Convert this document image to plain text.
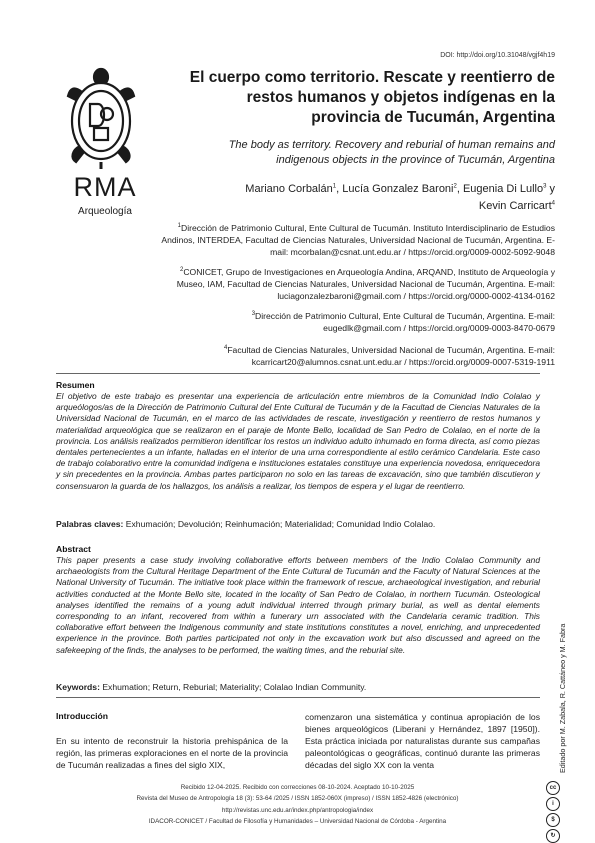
DOI: http://doi.org/10.31048/vgjf4h19
RMA
Arqueología
El cuerpo como territorio. Rescate y reentierro de restos humanos y objetos indígenas en la provincia de Tucumán, Argentina
The body as territory. Recovery and reburial of human remains and indigenous objects in the province of Tucumán, Argentina
Mariano Corbalán$^1$, Lucía Gonzalez Baroni$^2$, Eugenia Di Lullo$^3$ y Kevin Carricart$^4$
$^1$Dirección de Patrimonio Cultural, Ente Cultural de Tucumán. Instituto Interdisciplinario de Estudios Andinos, INTERDEA, Facultad de Ciencias Naturales, Universidad Nacional de Tucumán, Argentina. E-mail: mcorbalan@csnat.unt.edu.ar / https://orcid.org/0009-0002-5092-9048
$^2$CONICET, Grupo de Investigaciones en Arqueología Andina, ARQAND, Instituto de Arqueología y Museo, IAM, Facultad de Ciencias Naturales, Universidad Nacional de Tucumán, Argentina. E-mail: luciagonzalezbaroni@gmail.com / https://orcid.org/0000-0002-4134-0162
$^3$Dirección de Patrimonio Cultural, Ente Cultural de Tucumán, Argentina. E-mail: eugedlk@gmail.com / https://orcid.org/0009-0003-8470-0679
$^4$Facultad de Ciencias Naturales, Universidad Nacional de Tucumán, Argentina. E-mail: kcarricart20@alumnos.csnat.unt.edu.ar / https://orcid.org/0009-0007-5319-1911
Resumen
El objetivo de este trabajo es presentar una experiencia de articulación entre miembros de la Comunidad Indio Colalao y arqueólogos/as de la Dirección de Patrimonio Cultural del Ente Cultural de Tucumán y de la Facultad de Ciencias Naturales de la Universidad Nacional de Tucumán, en el marco de las actividades de rescate, investigación y reentierro de restos humanos y materialidad arqueológica que se realizaron en el paraje de Monte Bello, localidad de San Pedro de Colalao, en el norte de la provincia. Los análisis realizados permitieron identificar los restos un individuo adulto inhumado en forma directa, así como piezas dentales pertenecientes a un infante, halladas en el interior de una urna correspondiente al estilo cerámico Candelaria. Este caso de trabajo colaborativo entre la comunidad indígena e instituciones estatales constituye una experiencia novedosa, enriquecedora y sin precedentes en la provincia. Ambas partes participaron no solo en las tareas de excavación, sino que también discutieron y consensuaron la guarda de los hallazgos, los análisis a realizar, los tiempos de espera y el lugar de reentierro.
Palabras claves: Exhumación; Devolución; Reinhumación; Materialidad; Comunidad Indio Colalao.
Abstract
This paper presents a case study involving collaborative efforts between members of the Indio Colalao Community and archaeologists from the Cultural Heritage Department of the Ente Cultural de Tucumán and the Faculty of Natural Sciences at the National University of Tucumán. The initiative took place within the framework of rescue, archaeological investigation, and reburial activities conducted at the Monte Bello site, located in the locality of San Pedro de Colalao, in northern Tucumán. Osteological analyses identified the remains of a young adult individual interred through primary burial, as well as dental elements corresponding to an infant, recovered from within a funerary urn associated with the Candelaria ceramic tradition. This collaborative effort between the Indigenous community and state institutions constitutes a novel, enriching, and unprecedented experience in the province. Both parties participated not only in the excavation work but also discussed and agreed on the safekeeping of the finds, the analyses to be performed, the waiting times, and the reburial site.
Keywords: Exhumation; Return, Reburial; Materiality; Colalao Indian Community.
Introducción
En su intento de reconstruir la historia prehispánica de la región, las primeras exploraciones en el norte de la provincia de Tucumán realizadas a fines del siglo XIX,
comenzaron una sistemática y continua apropiación de los bienes arqueológicos (Liberani y Hernández, 1897 [1950]). Esta práctica iniciada por naturalistas durante sus campañas paleontológicas o geográficas, continuó durante las primeras décadas del siglo XX con la venta
Recibido 12-04-2025. Recibido con correcciones 08-10-2024. Aceptado 10-10-2025
Revista del Museo de Antropología 18 (3): 53-64 /2025 / ISSN 1852-060X (impreso) / ISSN 1852-4826 (electrónico)
http://revistas.unc.edu.ar/index.php/antropologia/index
IDACOR-CONICET / Facultad de Filosofía y Humanidades – Universidad Nacional de Córdoba - Argentina
Editado por M. Zabala, R. Cattáneo y M. Fabra
cc
i
$
↻
